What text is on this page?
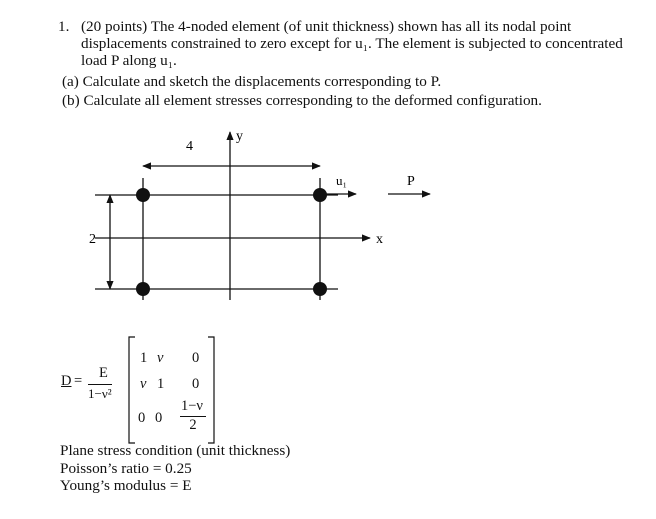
1. (20 points) The 4-noded element (of unit thickness) shown has all its nodal point displacements constrained to zero except for u₁. The element is subjected to concentrated load P along u₁.
(a) Calculate and sketch the displacements corresponding to P.
(b) Calculate all element stresses corresponding to the deformed configuration.
4
y
2	x
u₁	P
D = E
1−ν²
1 ν 0
ν 1 0
0 0
1−ν
2
Plane stress condition (unit thickness)
Poisson’s ratio = 0.25
Young’s modulus = E
